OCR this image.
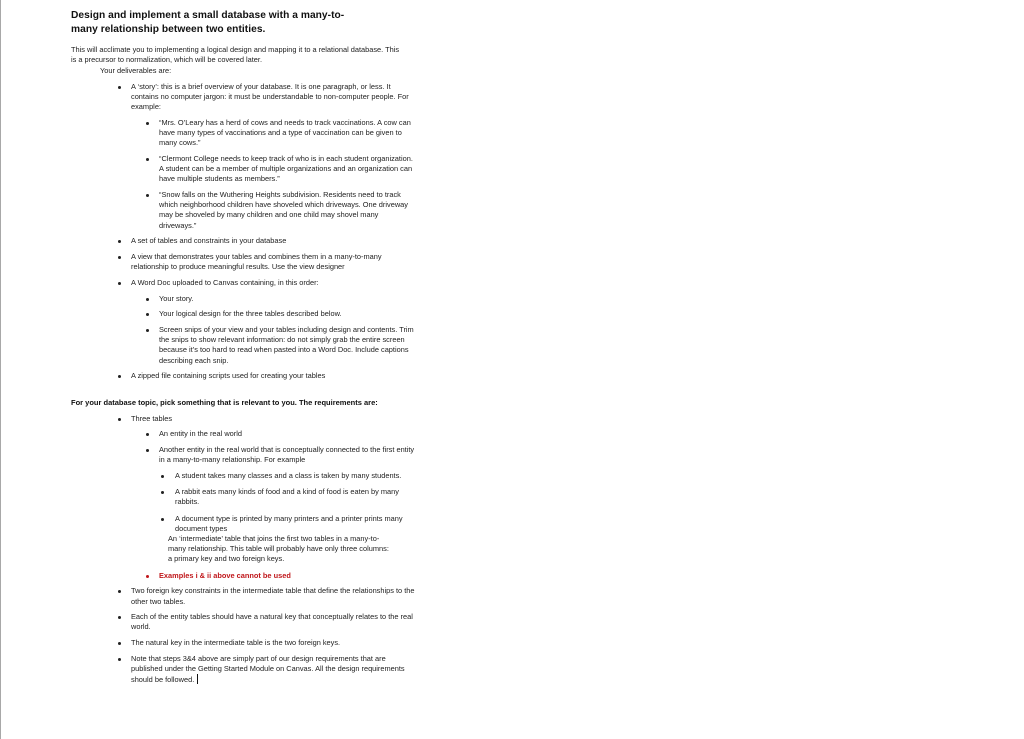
Design and implement a small database with a many-to-many relationship between two entities.

This will acclimate you to implementing a logical design and mapping it to a relational database. This is a precursor to normalization, which will be covered later.

Your deliverables are:

A ‘story’: this is a brief overview of your database. It is one paragraph, or less. It contains no computer jargon: it must be understandable to non-computer people. For example:
“Mrs. O’Leary has a herd of cows and needs to track vaccinations. A cow can have many types of vaccinations and a type of vaccination can be given to many cows.”
“Clermont College needs to keep track of who is in each student organization. A student can be a member of multiple organizations and an organization can have multiple students as members.”
“Snow falls on the Wuthering Heights subdivision. Residents need to track which neighborhood children have shoveled which driveways. One driveway may be shoveled by many children and one child may shovel many driveways.”
A set of tables and constraints in your database
A view that demonstrates your tables and combines them in a many-to-many relationship to produce meaningful results. Use the view designer
A Word Doc uploaded to Canvas containing, in this order:
Your story.
Your logical design for the three tables described below.
Screen snips of your view and your tables including design and contents. Trim the snips to show relevant information: do not simply grab the entire screen because it’s too hard to read when pasted into a Word Doc. Include captions describing each snip.
A zipped file containing scripts used for creating your tables

For your database topic, pick something that is relevant to you. The requirements are:

Three tables
An entity in the real world
Another entity in the real world that is conceptually connected to the first entity in a many-to-many relationship. For example
A student takes many classes and a class is taken by many students.
A rabbit eats many kinds of food and a kind of food is eaten by many rabbits.
A document type is printed by many printers and a printer prints many document types
An ‘intermediate’ table that joins the first two tables in a many-to-many relationship. This table will probably have only three columns: a primary key and two foreign keys.
Examples i & ii above cannot be used
Two foreign key constraints in the intermediate table that define the relationships to the other two tables.
Each of the entity tables should have a natural key that conceptually relates to the real world.
The natural key in the intermediate table is the two foreign keys.
Note that steps 3&4 above are simply part of our design requirements that are published under the Getting Started Module on Canvas. All the design requirements should be followed.
